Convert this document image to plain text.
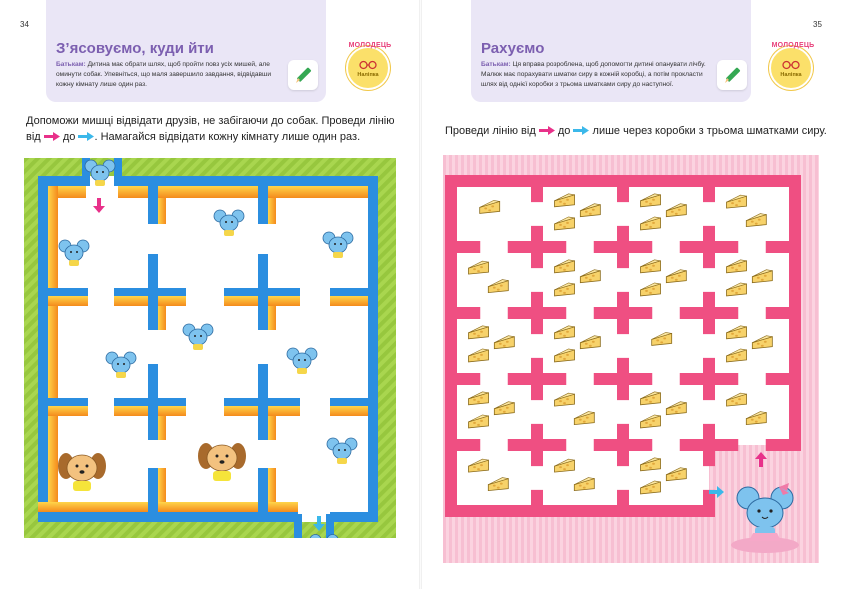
34
З’ясовуємо, куди йти
Батькам: Дитина має обрати шлях, щоб пройти повз усіх мишей, але оминути собак. Упевніться, що маля завершило завдання, відвідавши кожну кімнату лише один раз.
МОЛОДЕЦЬ
Наліпка
Допоможи мишці відвідати друзів, не забігаючи до собак. Проведи лінію
від до . Намагайся відвідати кожну кімнату лише один раз.
35
Рахуємо
Батькам: Ця вправа розроблена, щоб допомогти дитині опанувати лічбу. Малюк має порахувати шматки сиру в кожній коробці, а потім прокласти шлях від однієї коробки з трьома шматками сиру до наступної.
МОЛОДЕЦЬ
Наліпка
Проведи лінію від до лише через коробки з трьома шматками сиру.
